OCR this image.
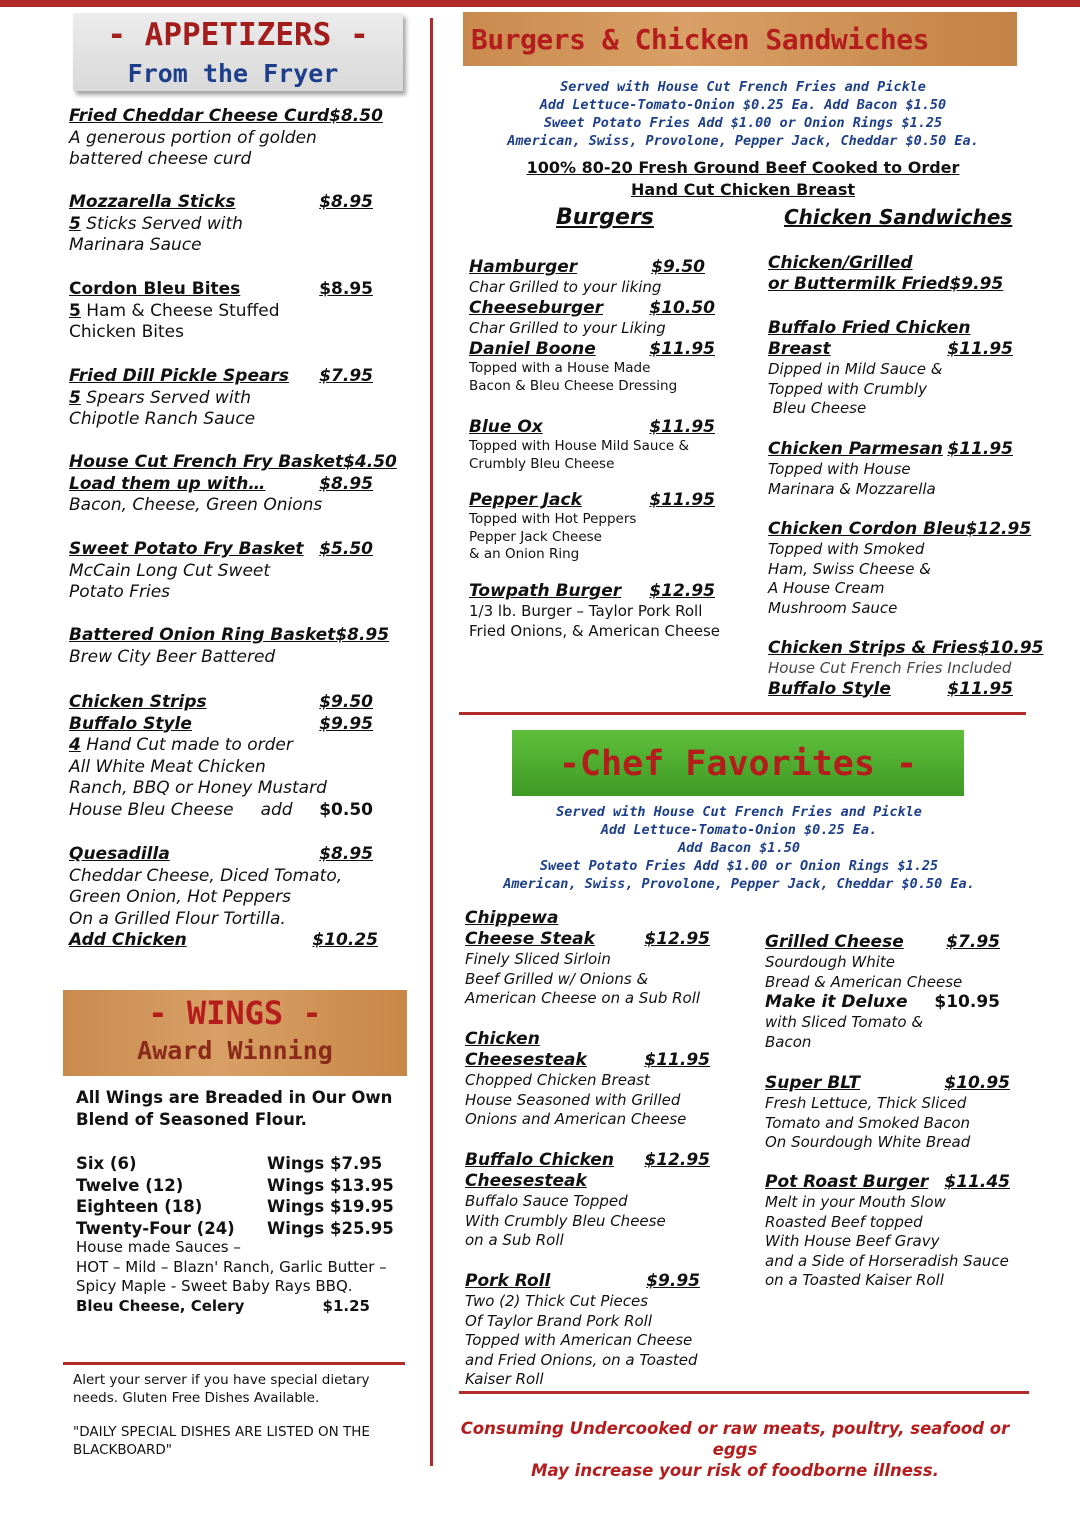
- APPETIZERS -
From the Fryer
Fried Cheddar Cheese Curd $8.50
A generous portion of golden
battered cheese curd
Mozzarella Sticks	$8.95
5 Sticks Served with
Marinara Sauce
Cordon Bleu Bites	$8.95
5 Ham & Cheese Stuffed
Chicken Bites
Fried Dill Pickle Spears $7.95
5 Spears Served with
Chipotle Ranch Sauce
House Cut French Fry Basket $4.50
Load them up with…	$8.95
Bacon, Cheese, Green Onions
Sweet Potato Fry Basket $5.50
McCain Long Cut Sweet
Potato Fries
Battered Onion Ring Basket $8.95
Brew City Beer Battered
Chicken Strips	$9.50
Buffalo Style	$9.95
4 Hand Cut made to order
All White Meat Chicken
Ranch, BBQ or Honey Mustard
House Bleu Cheese     add $0.50
Quesadilla	$8.95
Cheddar Cheese, Diced Tomato,
Green Onion, Hot Peppers
On a Grilled Flour Tortilla.
Add Chicken	$10.25
- WINGS -
Award Winning
All Wings are Breaded in Our Own
Blend of Seasoned Flour.
Six (6)	Wings $7.95
Twelve (12)	Wings $13.95
Eighteen (18)	Wings $19.95
Twenty-Four (24) Wings $25.95
House made Sauces –
HOT – Mild – Blazn' Ranch, Garlic Butter –
Spicy Maple - Sweet Baby Rays BBQ.
Bleu Cheese, Celery	$1.25
Alert your server if you have special dietary
needs. Gluten Free Dishes Available.
"DAILY SPECIAL DISHES ARE LISTED ON THE
BLACKBOARD"
Burgers & Chicken Sandwiches
Served with House Cut French Fries and Pickle
Add Lettuce-Tomato-Onion $0.25 Ea. Add Bacon $1.50
Sweet Potato Fries Add $1.00 or Onion Rings $1.25
American, Swiss, Provolone, Pepper Jack, Cheddar $0.50 Ea.
100% 80-20 Fresh Ground Beef Cooked to Order
Hand Cut Chicken Breast
Burgers	Chicken Sandwiches
Hamburger	$9.50
Char Grilled to your liking
Cheeseburger	$10.50
Char Grilled to your Liking
Daniel Boone	$11.95
Topped with a House Made
Bacon & Bleu Cheese Dressing
Blue Ox	$11.95
Topped with House Mild Sauce &
Crumbly Bleu Cheese
Pepper Jack	$11.95
Topped with Hot Peppers
Pepper Jack Cheese
& an Onion Ring
Towpath Burger $12.95
1/3 lb. Burger – Taylor Pork Roll
Fried Onions, & American Cheese
Chicken/Grilled
or Buttermilk Fried $9.95
Buffalo Fried Chicken
Breast	$11.95
Dipped in Mild Sauce &
Topped with Crumbly
Bleu Cheese
Chicken Parmesan $11.95
Topped with House
Marinara & Mozzarella
Chicken Cordon Bleu $12.95
Topped with Smoked
Ham, Swiss Cheese &
A House Cream
Mushroom Sauce
Chicken Strips & Fries $10.95
House Cut French Fries Included
Buffalo Style	$11.95
-Chef Favorites -
Served with House Cut French Fries and Pickle
Add Lettuce-Tomato-Onion $0.25 Ea.
Add Bacon $1.50
Sweet Potato Fries Add $1.00 or Onion Rings $1.25
American, Swiss, Provolone, Pepper Jack, Cheddar $0.50 Ea.
Chippewa
Cheese Steak	$12.95
Finely Sliced Sirloin
Beef Grilled w/ Onions &
American Cheese on a Sub Roll
Chicken
Cheesesteak	$11.95
Chopped Chicken Breast
House Seasoned with Grilled
Onions and American Cheese
Buffalo Chicken $12.95
Cheesesteak
Buffalo Sauce Topped
With Crumbly Bleu Cheese
on a Sub Roll
Pork Roll	$9.95
Two (2) Thick Cut Pieces
Of Taylor Brand Pork Roll
Topped with American Cheese
and Fried Onions, on a Toasted
Kaiser Roll
Grilled Cheese $7.95
Sourdough White
Bread & American Cheese
Make it Deluxe $10.95
with Sliced Tomato &
Bacon
Super BLT	$10.95
Fresh Lettuce, Thick Sliced
Tomato and Smoked Bacon
On Sourdough White Bread
Pot Roast Burger $11.45
Melt in your Mouth Slow
Roasted Beef topped
With House Beef Gravy
and a Side of Horseradish Sauce
on a Toasted Kaiser Roll
Consuming Undercooked or raw meats, poultry, seafood or eggs
May increase your risk of foodborne illness.
